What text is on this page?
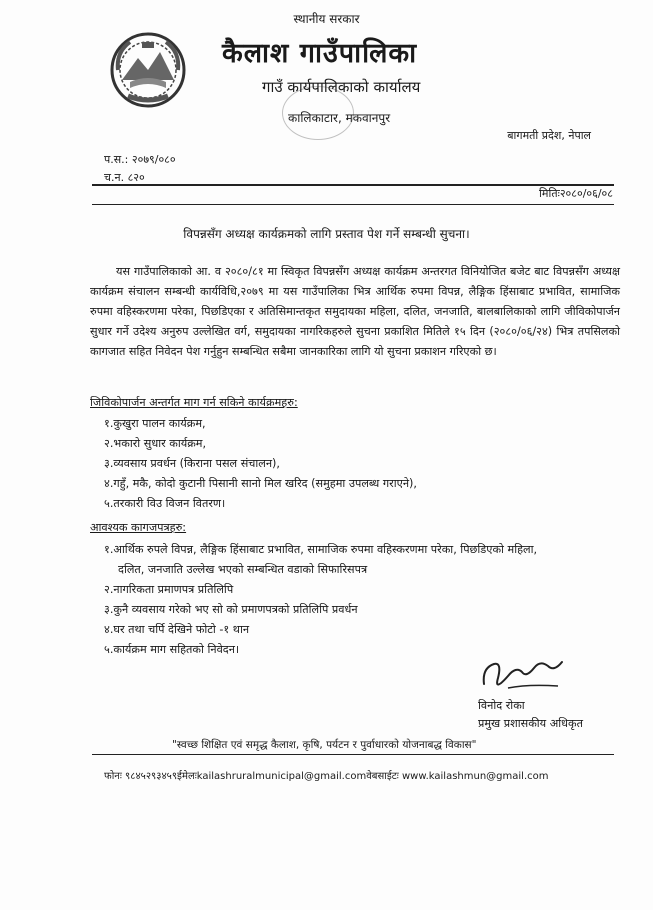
स्थानीय सरकार
कैलाश गाउँपालिका
गाउँ कार्यपालिकाको कार्यालय
कालिकाटार, मकवानपुर
बागमती प्रदेश, नेपाल
प.स.: २०७९/०८०
च.न. ८२०
मितिः२०८०/०६/०८
विपन्नसँग अध्यक्ष कार्यक्रमको लागि प्रस्ताव पेश गर्ने सम्बन्धी सुचना।
यस गाउँपालिकाको आ. व २०८०/८१ मा स्विकृत विपन्नसँग अध्यक्ष कार्यक्रम अन्तरगत विनियोजित बजेट बाट विपन्नसँग अध्यक्ष कार्यक्रम संचालन सम्बन्धी कार्यविधि,२०७९ मा यस गाउँपालिका भित्र आर्थिक रुपमा विपन्न, लैङ्गिक हिंसाबाट प्रभावित, सामाजिक रुपमा वहिस्करणमा परेका, पिछडिएका र अतिसिमान्तकृत समुदायका महिला, दलित, जनजाति, बालबालिकाको लागि जीविकोपार्जन सुधार गर्ने उदेश्य अनुरुप उल्लेखित वर्ग, समुदायका नागरिकहरुले सुचना प्रकाशित मितिले १५ दिन (२०८०/०६/२४) भित्र तपसिलको कागजात सहित निवेदन पेश गर्नुहुन सम्बन्धित सबैमा जानकारिका लागि यो सुचना प्रकाशन गरिएको छ।
जिविकोपार्जन अन्तर्गत माग गर्न सकिने कार्यक्रमहरु:
१.कुखुरा पालन कार्यक्रम,
२.भकारो सुधार कार्यक्रम,
३.व्यवसाय प्रवर्धन (किराना पसल संचालन),
४.गहुँ, मकै, कोदो कुटानी पिसानी सानो मिल खरिद (समुहमा उपलब्ध गराएने),
५.तरकारी विउ विजन वितरण।
आवश्यक कागजपत्रहरु:
१.आर्थिक रुपले विपन्न, लैङ्गिक हिंसाबाट प्रभावित, सामाजिक रुपमा वहिस्करणमा परेका, पिछडिएको महिला,
दलित, जनजाति उल्लेख भएको सम्बन्धित वडाको सिफारिसपत्र
२.नागरिकता प्रमाणपत्र प्रतिलिपि
३.कुनै व्यवसाय गरेको भए सो को प्रमाणपत्रको प्रतिलिपि प्रवर्धन
४.घर तथा चर्पि देखिने फोटो -१ थान
५.कार्यक्रम माग सहितको निवेदन।
विनोद रोका
प्रमुख प्रशासकीय अधिकृत
"स्वच्छ शिक्षित एवं समृद्ध कैलाश, कृषि, पर्यटन र पुर्वाधारको योजनाबद्ध विकास"
फोनः ९८४५२९३४५९ईमेलःkailashruralmunicipal@gmail.comवेबसाईटः www.kailashmun@gmail.com
